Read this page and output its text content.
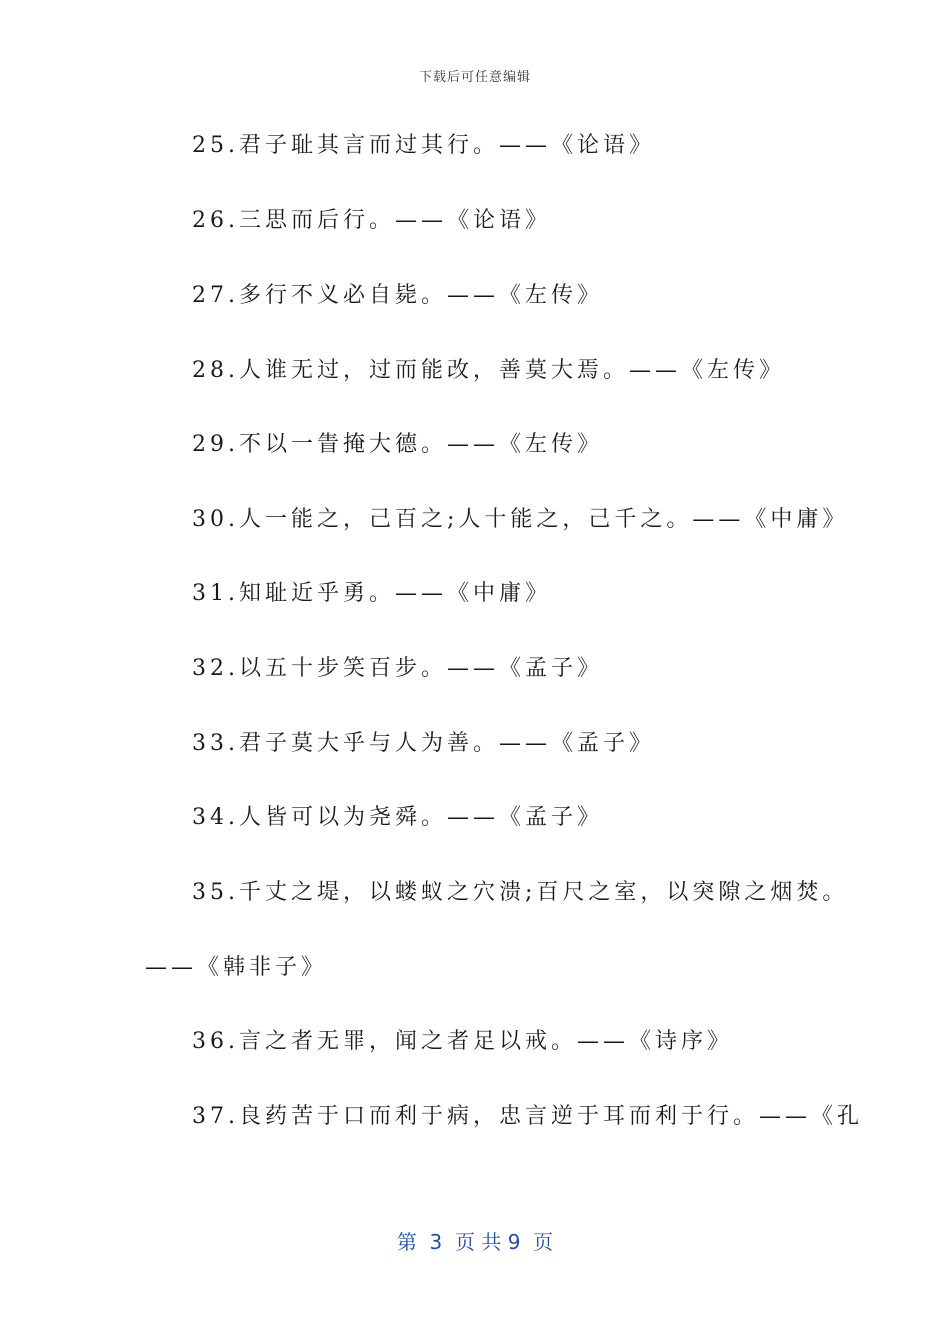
下载后可任意编辑
25.君子耻其言而过其行。——《论语》
26.三思而后行。——《论语》
27.多行不义必自毙。——《左传》
28.人谁无过，过而能改，善莫大焉。——《左传》
29.不以一眚掩大德。——《左传》
30.人一能之，己百之;人十能之，己千之。——《中庸》
31.知耻近乎勇。——《中庸》
32.以五十步笑百步。——《孟子》
33.君子莫大乎与人为善。——《孟子》
34.人皆可以为尧舜。——《孟子》
35.千丈之堤，以蝼蚁之穴溃;百尺之室，以突隙之烟焚。
——《韩非子》
36.言之者无罪，闻之者足以戒。——《诗序》
37.良药苦于口而利于病，忠言逆于耳而利于行。——《孔
第  3  页 共 9  页
